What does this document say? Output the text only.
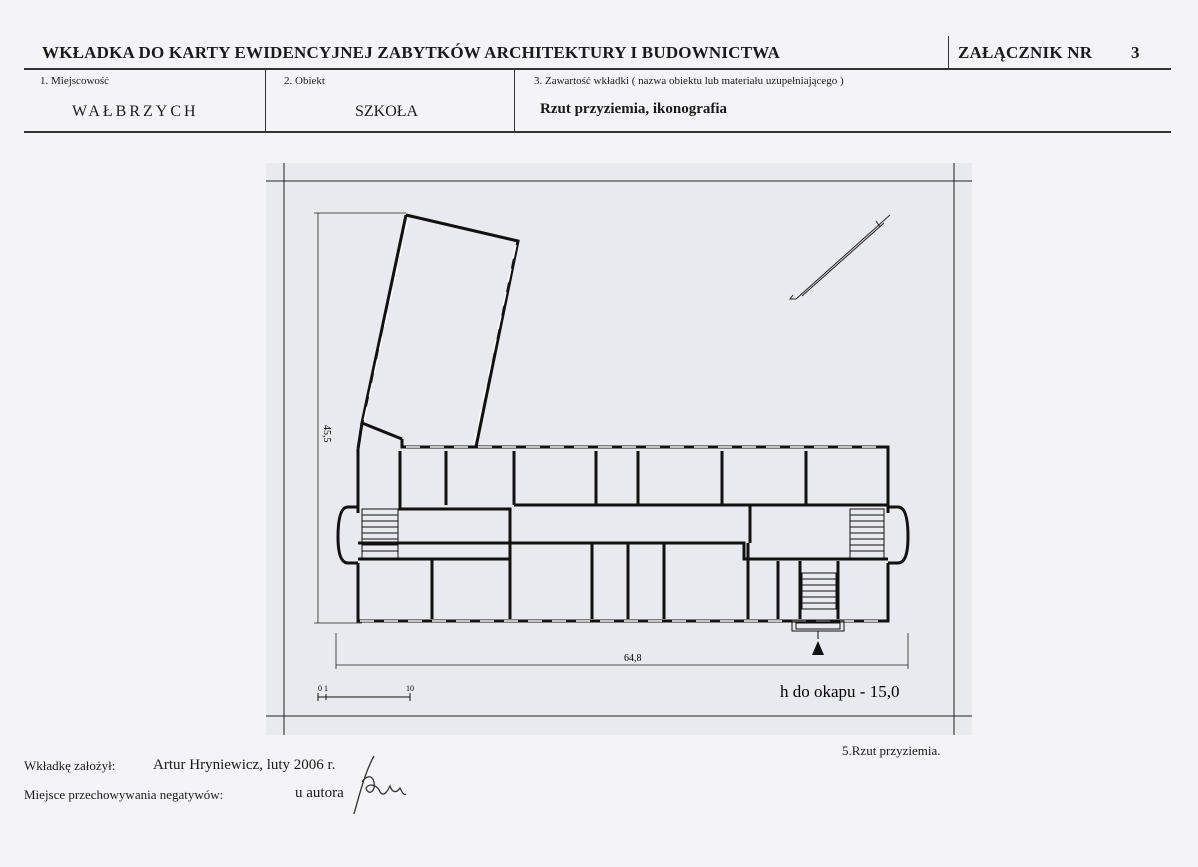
WKŁADKA DO KARTY EWIDENCYJNEJ ZABYTKÓW ARCHITEKTURY I BUDOWNICTWA	ZAŁĄCZNIK NR 3
1. Miejscowość
WAŁBRZYCH
2. Obiekt
SZKOŁA
3. Zawartość wkładki ( nazwa obiektu lub materiału uzupełniającego )
Rzut przyziemia, ikonografia
45,5
64,8
0 1	10	h do okapu - 15,0
Wkładkę założył:	Artur Hryniewicz, luty 2006 r.
Miejsce przechowywania negatywów:	u autora
5.Rzut przyziemia.
